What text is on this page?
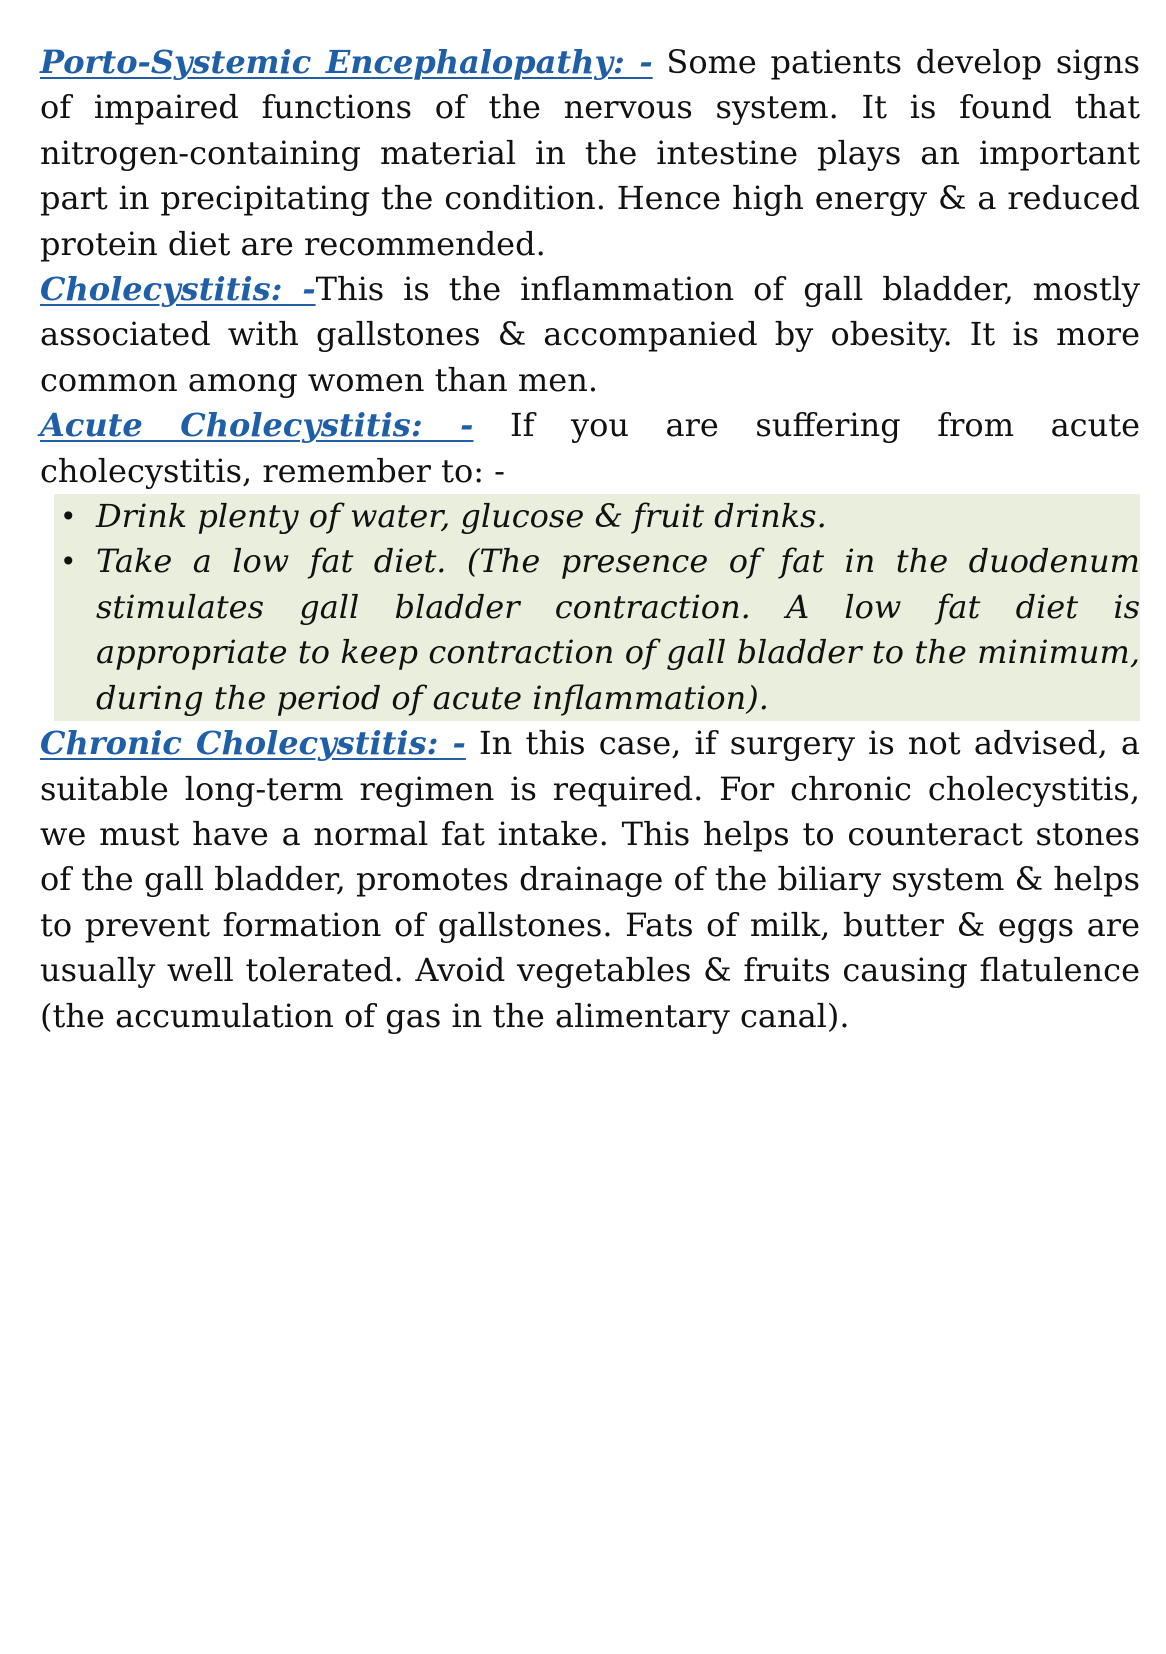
Porto-Systemic Encephalopathy: - Some patients develop signs of impaired functions of the nervous system. It is found that nitrogen-containing material in the intestine plays an important part in precipitating the condition. Hence high energy & a reduced protein diet are recommended.

Cholecystitis: -This is the inflammation of gall bladder, mostly associated with gallstones & accompanied by obesity. It is more common among women than men.

Acute Cholecystitis: - If you are suffering from acute cholecystitis, remember to: -

• Drink plenty of water, glucose & fruit drinks.
• Take a low fat diet. (The presence of fat in the duodenum stimulates gall bladder contraction. A low fat diet is appropriate to keep contraction of gall bladder to the minimum, during the period of acute inflammation).

Chronic Cholecystitis: - In this case, if surgery is not advised, a suitable long-term regimen is required. For chronic cholecystitis, we must have a normal fat intake. This helps to counteract stones of the gall bladder, promotes drainage of the biliary system & helps to prevent formation of gallstones. Fats of milk, butter & eggs are usually well tolerated. Avoid vegetables & fruits causing flatulence (the accumulation of gas in the alimentary canal).
